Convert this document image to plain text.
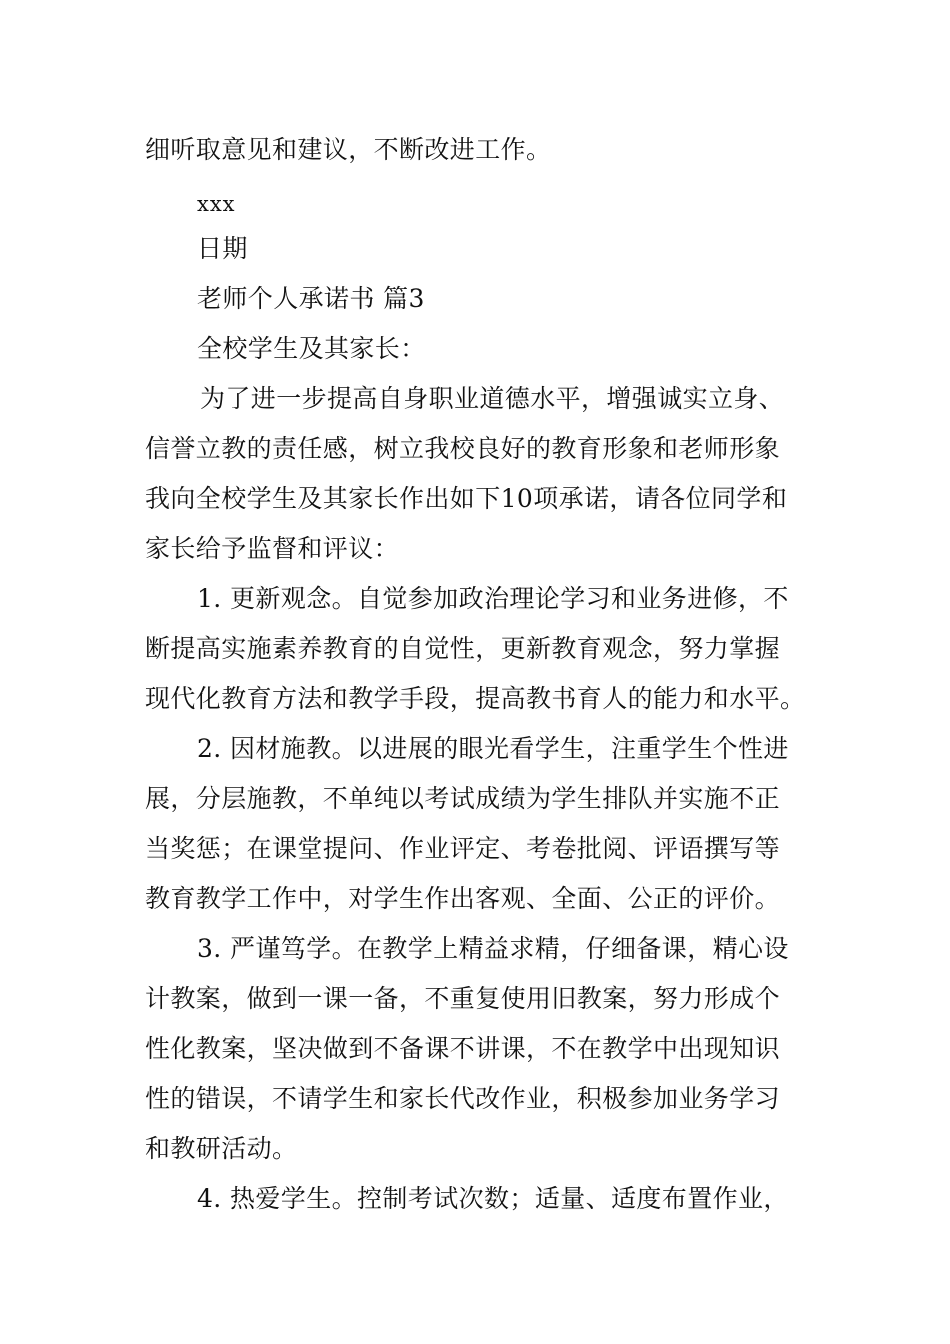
细听取意见和建议，不断改进工作。
xxx
日期
老师个人承诺书 篇3
全校学生及其家长：
为了进一步提高自身职业道德水平，增强诚实立身、
信誉立教的责任感，树立我校良好的教育形象和老师形象
我向全校学生及其家长作出如下10项承诺，请各位同学和
家长给予监督和评议：
1. 更新观念。自觉参加政治理论学习和业务进修，不
断提高实施素养教育的自觉性，更新教育观念，努力掌握
现代化教育方法和教学手段，提高教书育人的能力和水平。
2. 因材施教。以进展的眼光看学生，注重学生个性进
展，分层施教，不单纯以考试成绩为学生排队并实施不正
当奖惩；在课堂提问、作业评定、考卷批阅、评语撰写等
教育教学工作中，对学生作出客观、全面、公正的评价。
3. 严谨笃学。在教学上精益求精，仔细备课，精心设
计教案，做到一课一备，不重复使用旧教案，努力形成个
性化教案，坚决做到不备课不讲课，不在教学中出现知识
性的错误，不请学生和家长代改作业，积极参加业务学习
和教研活动。
4. 热爱学生。控制考试次数；适量、适度布置作业，
